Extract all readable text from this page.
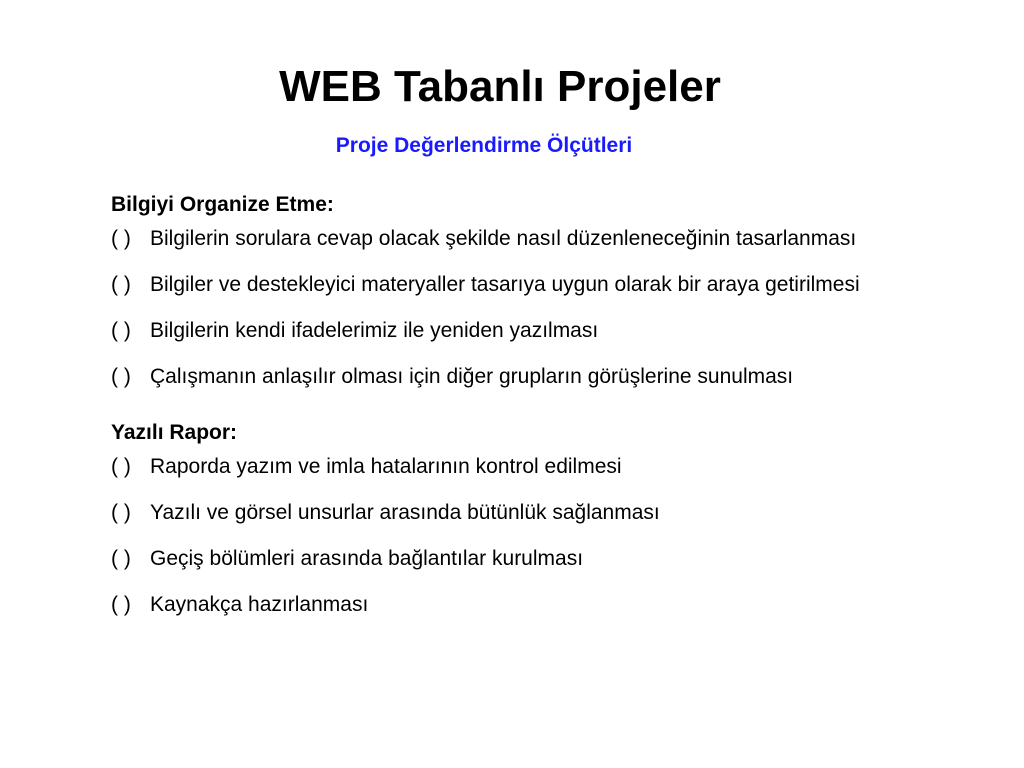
WEB Tabanlı Projeler
Proje Değerlendirme Ölçütleri
Bilgiyi Organize Etme:
( ) Bilgilerin sorulara cevap olacak şekilde nasıl düzenleneceğinin tasarlanması
( ) Bilgiler ve destekleyici materyaller tasarıya uygun olarak bir araya getirilmesi
( ) Bilgilerin kendi ifadelerimiz ile yeniden yazılması
( ) Çalışmanın anlaşılır olması için diğer grupların görüşlerine sunulması
Yazılı Rapor:
( ) Raporda yazım ve imla hatalarının kontrol edilmesi
( ) Yazılı ve görsel unsurlar arasında bütünlük sağlanması
( ) Geçiş bölümleri arasında bağlantılar kurulması
( ) Kaynakça hazırlanması
